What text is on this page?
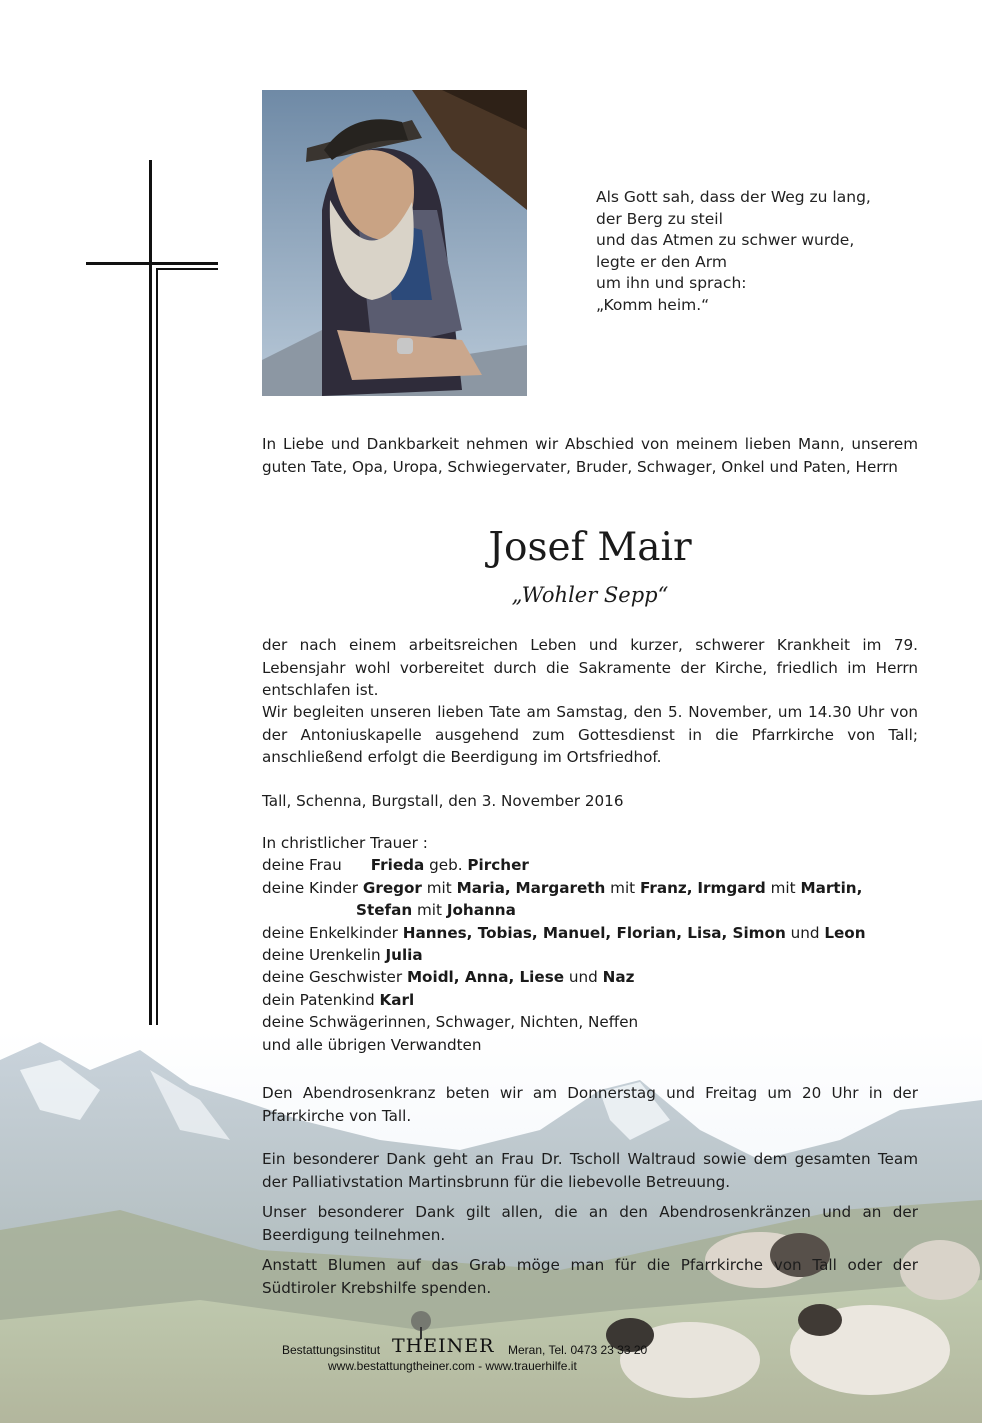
Als Gott sah, dass der Weg zu lang,
der Berg zu steil
und das Atmen zu schwer wurde,
legte er den Arm
um ihn und sprach:
„Komm heim.“
In Liebe und Dankbarkeit nehmen wir Abschied von meinem lieben Mann, unserem guten Tate, Opa, Uropa, Schwiegervater, Bruder, Schwager, Onkel und Paten, Herrn
Josef Mair
„Wohler Sepp“
der nach einem arbeitsreichen Leben und kurzer, schwerer Krankheit im 79. Lebensjahr wohl vorbereitet durch die Sakramente der Kirche, friedlich im Herrn entschlafen ist.
Wir begleiten unseren lieben Tate am Samstag, den 5. November, um 14.30 Uhr von der Antoniuskapelle ausgehend zum Gottesdienst in die Pfarrkirche von Tall; anschließend erfolgt die Beerdigung im Ortsfriedhof.
Tall, Schenna, Burgstall, den 3. November 2016
In christlicher Trauer :
deine Frau Frieda geb. Pircher
deine Kinder Gregor mit Maria, Margareth mit Franz, Irmgard mit Martin,
Stefan mit Johanna
deine Enkelkinder Hannes, Tobias, Manuel, Florian, Lisa, Simon und Leon
deine Urenkelin Julia
deine Geschwister Moidl, Anna, Liese und Naz
dein Patenkind Karl
deine Schwägerinnen, Schwager, Nichten, Neffen
und alle übrigen Verwandten
Den Abendrosenkranz beten wir am Donnerstag und Freitag um 20 Uhr in der Pfarrkirche von Tall.
Ein besonderer Dank geht an Frau Dr. Tscholl Waltraud sowie dem gesamten Team der Palliativstation Martinsbrunn für die liebevolle Betreuung.
Unser besonderer Dank gilt allen, die an den Abendrosenkränzen und an der Beerdigung teilnehmen.
Anstatt Blumen auf das Grab möge man für die Pfarrkirche von Tall oder der Südtiroler Krebshilfe spenden.
Bestattungsinstitut THEINER Meran, Tel. 0473 23 33 20
www.bestattungtheiner.com - www.trauerhilfe.it
